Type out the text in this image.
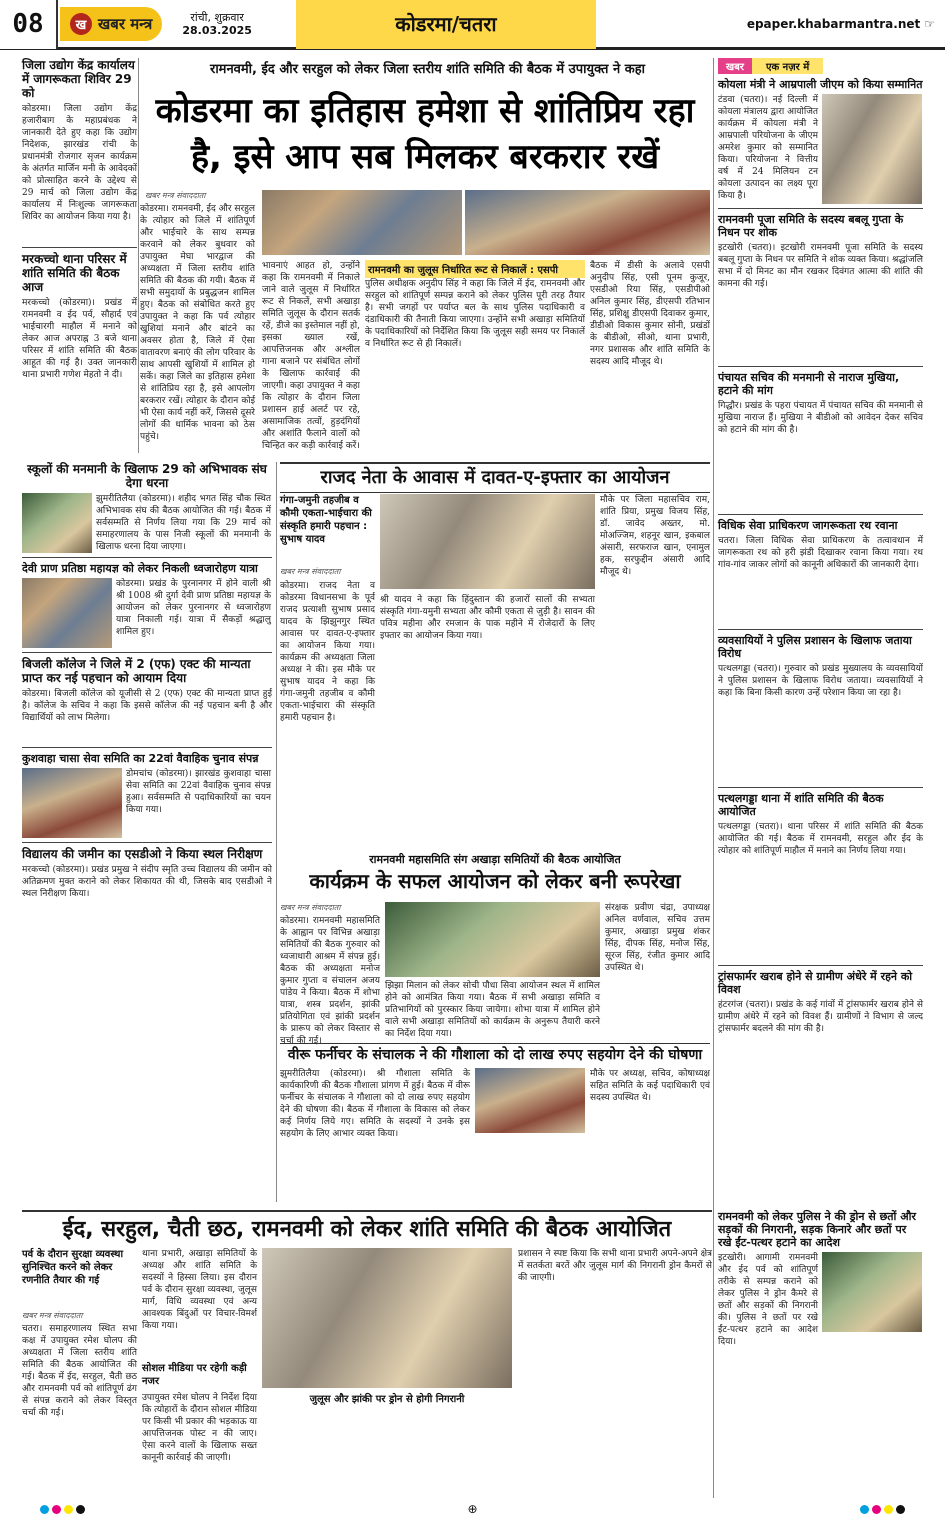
08	ख खबर मन्त्र	रांची, शुक्रवार
28.03.2025	कोडरमा/चतरा	epaper.khabarmantra.net ☞
जिला उद्योग केंद्र कार्यालय में जागरूकता शिविर 29 को
कोडरमा। जिला उद्योग केंद्र हजारीबाग के महाप्रबंधक ने जानकारी देते हुए कहा कि उद्योग निदेशक, झारखंड रांची के प्रधानमंत्री रोजगार सृजन कार्यक्रम के अंतर्गत मार्जिन मनी के आवेदकों को प्रोत्साहित करने के उद्देश्य से 29 मार्च को जिला उद्योग केंद्र कार्यालय में निःशुल्क जागरूकता शिविर का आयोजन किया गया है।
मरकच्चो थाना परिसर में शांति समिति की बैठक आज
मरकच्चो (कोडरमा)। प्रखंड में रामनवमी व ईद पर्व, सौहार्द एवं भाईचारगी माहौल में मनाने को लेकर आज अपराह्न 3 बजे थाना परिसर में शांति समिति की बैठक आहूत की गई है। उक्त जानकारी थाना प्रभारी गणेश मेहतो ने दी।
रामनवमी, ईद और सरहुल को लेकर जिला स्तरीय शांति समिति की बैठक में उपायुक्त ने कहा
कोडरमा का इतिहास हमेशा से शांतिप्रिय रहा है, इसे आप सब मिलकर बरकरार रखें
खबर मन्त्र संवाददाता
कोडरमा। रामनवमी, ईद और सरहुल के त्योहार को जिले में शांतिपूर्ण और भाईचारे के साथ सम्पन्न करवाने को लेकर बुधवार को उपायुक्त मेघा भारद्वाज की अध्यक्षता में जिला स्तरीय शांति समिति की बैठक की गयी। बैठक में सभी समुदायों के प्रबुद्धजन शामिल हुए। बैठक को संबोधित करते हुए उपायुक्त ने कहा कि पर्व त्योहार खुशियां मनाने और बांटने का अवसर होता है, जिले में ऐसा वातावरण बनाएं की लोग परिवार के साथ आपसी खुशियों में शामिल हो सकें। कहा जिले का इतिहास हमेशा से शांतिप्रिय रहा है, इसे आपलोग बरकरार रखें। त्योहार के दौरान कोई भी ऐसा कार्य नहीं करें, जिससे दूसरे लोगों की धार्मिक भावना को ठेस पहुंचे।
भावनाएं आहत हो, उन्होंने कहा कि रामनवमी में निकाले जाने वाले जुलूस में निर्धारित रूट से निकलें, सभी अखाड़ा समिति जुलूस के दौरान सतर्क रहें, डीजे का इस्तेमाल नहीं हो, इसका ख्याल रखें, आपत्तिजनक और अश्लील गाना बजाने पर संबंधित लोगों के खिलाफ कार्रवाई की जाएगी। कहा उपायुक्त ने कहा कि त्योहार के दौरान जिला प्रशासन हाई अलर्ट पर रहे, असामाजिक तत्वों, हुड़दंगियों और अशांति फैलाने वालों को चिन्हित कर कड़ी कार्रवाई करें।
रामनवमी का जुलूस निर्धारित रूट से निकालें : एसपी
पुलिस अधीक्षक अनुदीप सिंह ने कहा कि जिले में ईद, रामनवमी और सरहुल को शांतिपूर्ण सम्पन्न कराने को लेकर पुलिस पूरी तरह तैयार है। सभी जगहों पर पर्याप्त बल के साथ पुलिस पदाधिकारी व दंडाधिकारी की तैनाती किया जाएगा। उन्होंने सभी अखाड़ा समितियों के पदाधिकारियों को निर्देशित किया कि जुलूस सही समय पर निकालें व निर्धारित रूट से ही निकालें।
बैठक में डीसी के अलावे एसपी अनुदीप सिंह, एसी पूनम कुजूर, एसडीओ रिया सिंह, एसडीपीओ अनिल कुमार सिंह, डीएसपी रतिभान सिंह, प्रशिक्षु डीएसपी दिवाकर कुमार, डीडीओ विकास कुमार सोनी, प्रखंडों के बीडीओ, सीओ, थाना प्रभारी, नगर प्रशासक और शांति समिति के सदस्य आदि मौजूद थे।
खबर	एक नज़र में
कोयला मंत्री ने आम्रपाली जीएम को किया सम्मानित
टंडवा (चतरा)। नई दिल्ली में कोयला मंत्रालय द्वारा आयोजित कार्यक्रम में कोयला मंत्री ने आम्रपाली परियोजना के जीएम अमरेश कुमार को सम्मानित किया। परियोजना ने वित्तीय वर्ष में 24 मिलियन टन कोयला उत्पादन का लक्ष्य पूरा किया है।
रामनवमी पूजा समिति के सदस्य बबलू गुप्ता के निधन पर शोक
इटखोरी (चतरा)। इटखोरी रामनवमी पूजा समिति के सदस्य बबलू गुप्ता के निधन पर समिति ने शोक व्यक्त किया। श्रद्धांजलि सभा में दो मिनट का मौन रखकर दिवंगत आत्मा की शांति की कामना की गई।
पंचायत सचिव की मनमानी से नाराज मुखिया, हटाने की मांग
गिद्धौर। प्रखंड के पहरा पंचायत में पंचायत सचिव की मनमानी से मुखिया नाराज हैं। मुखिया ने बीडीओ को आवेदन देकर सचिव को हटाने की मांग की है।
विधिक सेवा प्राधिकरण जागरूकता रथ रवाना
चतरा। जिला विधिक सेवा प्राधिकरण के तत्वावधान में जागरूकता रथ को हरी झंडी दिखाकर रवाना किया गया। रथ गांव-गांव जाकर लोगों को कानूनी अधिकारों की जानकारी देगा।
व्यवसायियों ने पुलिस प्रशासन के खिलाफ जताया विरोध
पत्थलगड्डा (चतरा)। गुरुवार को प्रखंड मुख्यालय के व्यवसायियों ने पुलिस प्रशासन के खिलाफ विरोध जताया। व्यवसायियों ने कहा कि बिना किसी कारण उन्हें परेशान किया जा रहा है।
पत्थलगड्डा थाना में शांति समिति की बैठक आयोजित
पत्थलगड्डा (चतरा)। थाना परिसर में शांति समिति की बैठक आयोजित की गई। बैठक में रामनवमी, सरहुल और ईद के त्योहार को शांतिपूर्ण माहौल में मनाने का निर्णय लिया गया।
ट्रांसफार्मर खराब होने से ग्रामीण अंधेरे में रहने को विवश
हंटरगंज (चतरा)। प्रखंड के कई गांवों में ट्रांसफार्मर खराब होने से ग्रामीण अंधेरे में रहने को विवश हैं। ग्रामीणों ने विभाग से जल्द ट्रांसफार्मर बदलने की मांग की है।
स्कूलों की मनमानी के खिलाफ 29 को अभिभावक संघ देगा धरना
झुमरीतिलैया (कोडरमा)। शहीद भगत सिंह चौक स्थित अभिभावक संघ की बैठक आयोजित की गई। बैठक में सर्वसम्मति से निर्णय लिया गया कि 29 मार्च को समाहरणालय के पास निजी स्कूलों की मनमानी के खिलाफ धरना दिया जाएगा।
देवी प्राण प्रतिष्ठा महायज्ञ को लेकर निकली ध्वजारोहण यात्रा
कोडरमा। प्रखंड के पुरनानगर में होने वाली श्री श्री 1008 श्री दुर्गा देवी प्राण प्रतिष्ठा महायज्ञ के आयोजन को लेकर पुरनानगर से ध्वजारोहण यात्रा निकाली गई। यात्रा में सैकड़ों श्रद्धालु शामिल हुए।
बिजली कॉलेज ने जिले में 2 (एफ) एक्ट की मान्यता प्राप्त कर नई पहचान को आयाम दिया
कोडरमा। बिजली कॉलेज को यूजीसी से 2 (एफ) एक्ट की मान्यता प्राप्त हुई है। कॉलेज के सचिव ने कहा कि इससे कॉलेज की नई पहचान बनी है और विद्यार्थियों को लाभ मिलेगा।
कुशवाहा चासा सेवा समिति का 22वां वैवाहिक चुनाव संपन्न
डोमचांच (कोडरमा)। झारखंड कुशवाहा चासा सेवा समिति का 22वां वैवाहिक चुनाव संपन्न हुआ। सर्वसम्मति से पदाधिकारियों का चयन किया गया।
विद्यालय की जमीन का एसडीओ ने किया स्थल निरीक्षण
मरकच्चो (कोडरमा)। प्रखंड प्रमुख ने संदीप स्मृति उच्च विद्यालय की जमीन को अतिक्रमण मुक्त कराने को लेकर शिकायत की थी, जिसके बाद एसडीओ ने स्थल निरीक्षण किया।
राजद नेता के आवास में दावत-ए-इफ्तार का आयोजन
गंगा-जमुनी तहजीब व कौमी एकता-भाईचारा की संस्कृति हमारी पहचान : सुभाष यादव
खबर मन्त्र संवाददाता
कोडरमा। राजद नेता व कोडरमा विधानसभा के पूर्व राजद प्रत्याशी सुभाष प्रसाद यादव के झिझुनगुर स्थित आवास पर दावत-ए-इफ्तार का आयोजन किया गया। कार्यक्रम की अध्यक्षता जिला अध्यक्ष ने की। इस मौके पर सुभाष यादव ने कहा कि गंगा-जमुनी तहजीब व कौमी एकता-भाईचारा की संस्कृति हमारी पहचान है।
श्री यादव ने कहा कि हिंदुस्तान की हजारों सालों की सभ्यता संस्कृति गंगा-यमुनी सभ्यता और कौमी एकता से जुड़ी है। सावन की पवित्र महीना और रमजान के पाक महीने में रोजेदारों के लिए इफ्तार का आयोजन किया गया।
मौके पर जिला महासचिव राम, शांति प्रिया, प्रमुख विजय सिंह, डॉ. जावेद अख्तर, मो. मोअज्जिम, शहनूर खान, इकबाल अंसारी, सरफराज खान, एनामुल हक, सरफुद्दीन अंसारी आदि मौजूद थे।
रामनवमी महासमिति संग अखाड़ा समितियों की बैठक आयोजित
कार्यक्रम के सफल आयोजन को लेकर बनी रूपरेखा
खबर मन्त्र संवाददाता
कोडरमा। रामनवमी महासमिति के आह्वान पर विभिन्न अखाड़ा समितियों की बैठक गुरुवार को ध्वजाधारी आश्रम में संपन्न हुई। बैठक की अध्यक्षता मनोज कुमार गुप्ता व संचालन अजय पांडेय ने किया। बैठक में शोभा यात्रा, शस्त्र प्रदर्शन, झांकी प्रतियोगिता एवं झांकी प्रदर्शन के प्रारूप को लेकर विस्तार से चर्चा की गई।
झिझा मिलान को लेकर सोची पौधा सिवा आयोजन स्थल में शामिल होने को आमंत्रित किया गया। बैठक में सभी अखाड़ा समिति व प्रतिभागियों को पुरस्कार किया जायेगा। शोभा यात्रा में शामिल होने वाले सभी अखाड़ा समितियों को कार्यक्रम के अनुरूप तैयारी करने का निर्देश दिया गया।
संरक्षक प्रवीण चंद्रा, उपाध्यक्ष अनिल वर्णवाल, सचिव उत्तम कुमार, अखाड़ा प्रमुख शंकर सिंह, दीपक सिंह, मनोज सिंह, सूरज सिंह, रंजीत कुमार आदि उपस्थित थे।
वीरू फर्नीचर के संचालक ने की गौशाला को दो लाख रुपए सहयोग देने की घोषणा
झुमरीतिलैया (कोडरमा)। श्री गौशाला समिति के कार्यकारिणी की बैठक गौशाला प्रांगण में हुई। बैठक में वीरू फर्नीचर के संचालक ने गौशाला को दो लाख रुपए सहयोग देने की घोषणा की। बैठक में गौशाला के विकास को लेकर कई निर्णय लिये गए। समिति के सदस्यों ने उनके इस सहयोग के लिए आभार व्यक्त किया।
मौके पर अध्यक्ष, सचिव, कोषाध्यक्ष सहित समिति के कई पदाधिकारी एवं सदस्य उपस्थित थे।
ईद, सरहुल, चैती छठ, रामनवमी को लेकर शांति समिति की बैठक आयोजित
पर्व के दौरान सुरक्षा व्यवस्था सुनिश्चित करने को लेकर रणनीति तैयार की गई
खबर मन्त्र संवाददाता
चतरा। समाहरणालय स्थित सभा कक्ष में उपायुक्त रमेश घोलप की अध्यक्षता में जिला स्तरीय शांति समिति की बैठक आयोजित की गई। बैठक में ईद, सरहुल, चैती छठ और रामनवमी पर्व को शांतिपूर्ण ढंग से संपन्न कराने को लेकर विस्तृत चर्चा की गई।
थाना प्रभारी, अखाड़ा समितियों के अध्यक्ष और शांति समिति के सदस्यों ने हिस्सा लिया। इस दौरान पर्व के दौरान सुरक्षा व्यवस्था, जुलूस मार्ग, विधि व्यवस्था एवं अन्य आवश्यक बिंदुओं पर विचार-विमर्श किया गया।
सोशल मीडिया पर रहेगी कड़ी नजर
उपायुक्त रमेश घोलप ने निर्देश दिया कि त्योहारों के दौरान सोशल मीडिया पर किसी भी प्रकार की भड़काऊ या आपत्तिजनक पोस्ट न की जाए। ऐसा करने वालों के खिलाफ सख्त कानूनी कार्रवाई की जाएगी।
जुलूस और झांकी पर ड्रोन से होगी निगरानी
प्रशासन ने स्पष्ट किया कि सभी थाना प्रभारी अपने-अपने क्षेत्र में सतर्कता बरतें और जुलूस मार्ग की निगरानी ड्रोन कैमरों से की जाएगी।
रामनवमी को लेकर पुलिस ने की ड्रोन से छतों और सड़कों की निगरानी, सड़क किनारे और छतों पर रखे ईंट-पत्थर हटाने का आदेश
इटखोरी। आगामी रामनवमी और ईद पर्व को शांतिपूर्ण तरीके से सम्पन्न कराने को लेकर पुलिस ने ड्रोन कैमरे से छतों और सड़कों की निगरानी की। पुलिस ने छतों पर रखे ईंट-पत्थर हटाने का आदेश दिया।
⊕
